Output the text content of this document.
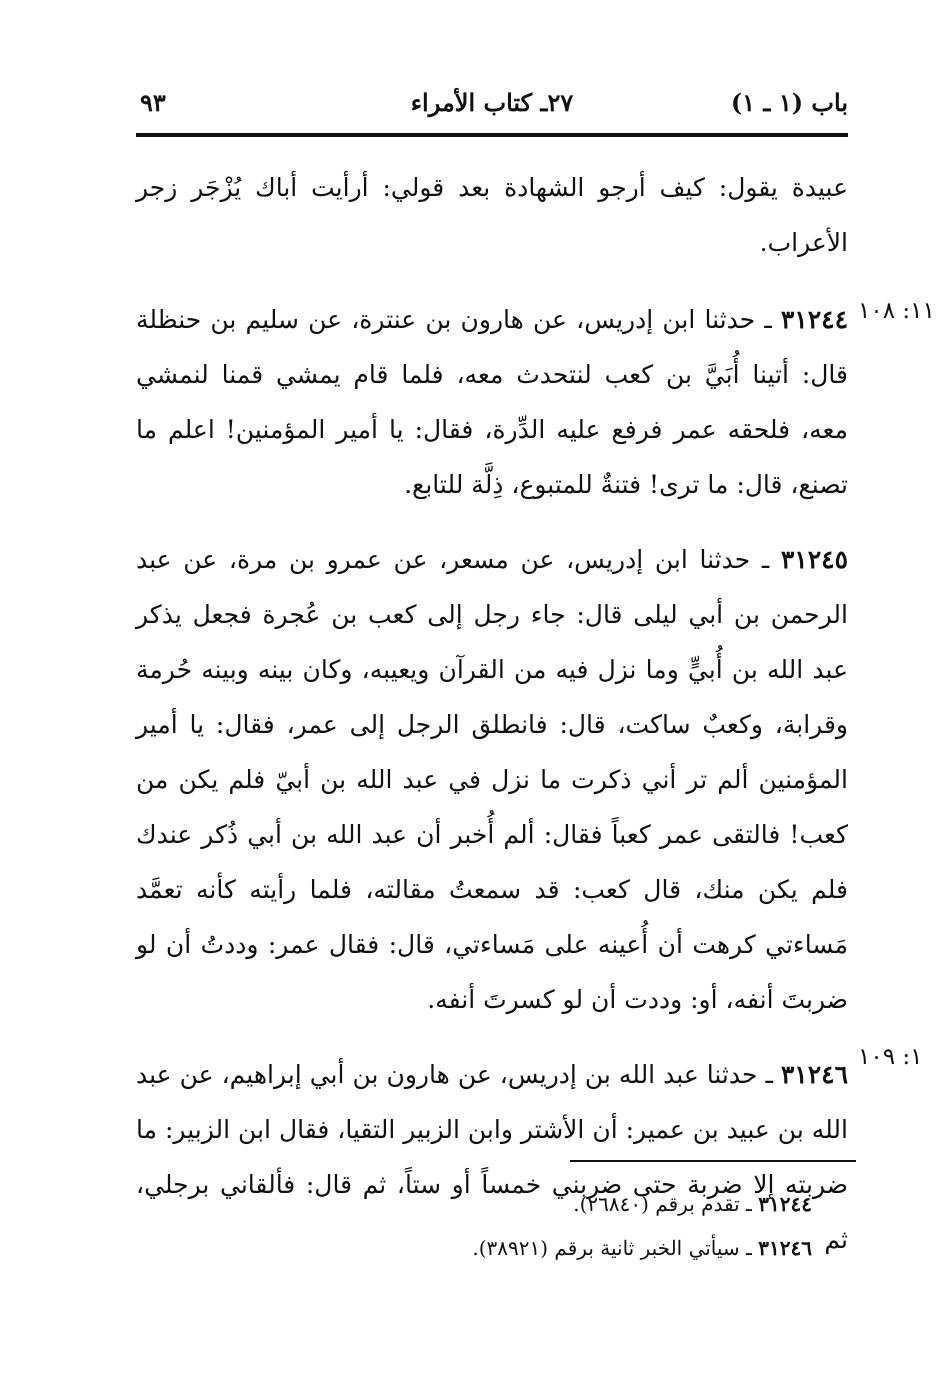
باب (١ ـ ١)
٢٧ـ كتاب الأمراء
٩٣
١١: ١٠٨
١: ١٠٩

عبيدة يقول: كيف أرجو الشهادة بعد قولي: أرأيت أباك يُزْجَر زجر الأعراب.

٣١٢٤٤ ـ حدثنا ابن إدريس، عن هارون بن عنترة، عن سليم بن حنظلة قال: أتينا أُبَيَّ بن كعب لنتحدث معه، فلما قام يمشي قمنا لنمشي معه، فلحقه عمر فرفع عليه الدِّرة، فقال: يا أمير المؤمنين! اعلم ما تصنع، قال: ما ترى! فتنةٌ للمتبوع، ذِلَّة للتابع.

٣١٢٤٥ ـ حدثنا ابن إدريس، عن مسعر، عن عمرو بن مرة، عن عبد الرحمن بن أبي ليلى قال: جاء رجل إلى كعب بن عُجرة فجعل يذكر عبد الله بن أُبيٍّ وما نزل فيه من القرآن ويعيبه، وكان بينه وبينه حُرمة وقرابة، وكعبٌ ساكت، قال: فانطلق الرجل إلى عمر، فقال: يا أمير المؤمنين ألم تر أني ذكرت ما نزل في عبد الله بن أبيّ فلم يكن من كعب! فالتقى عمر كعباً فقال: ألم أُخبر أن عبد الله بن أبي ذُكر عندك فلم يكن منك، قال كعب: قد سمعتُ مقالته، فلما رأيته كأنه تعمَّد مَساءتي كرهت أن أُعينه على مَساءتي، قال: فقال عمر: وددتُ أن لو ضربتَ أنفه، أو: وددت أن لو كسرتَ أنفه.

٣١٢٤٦ ـ حدثنا عبد الله بن إدريس، عن هارون بن أبي إبراهيم، عن عبد الله بن عبيد بن عمير: أن الأشتر وابن الزبير التقيا، فقال ابن الزبير: ما ضربته إلا ضربة حتى ضربني خمساً أو ستاً، ثم قال: فألقاني برجلي، ثم

٣١٢٤٤ ـ تقدم برقم (٢٦٨٤٠).
٣١٢٤٦ ـ سيأتي الخبر ثانية برقم (٣٨٩٢١).
